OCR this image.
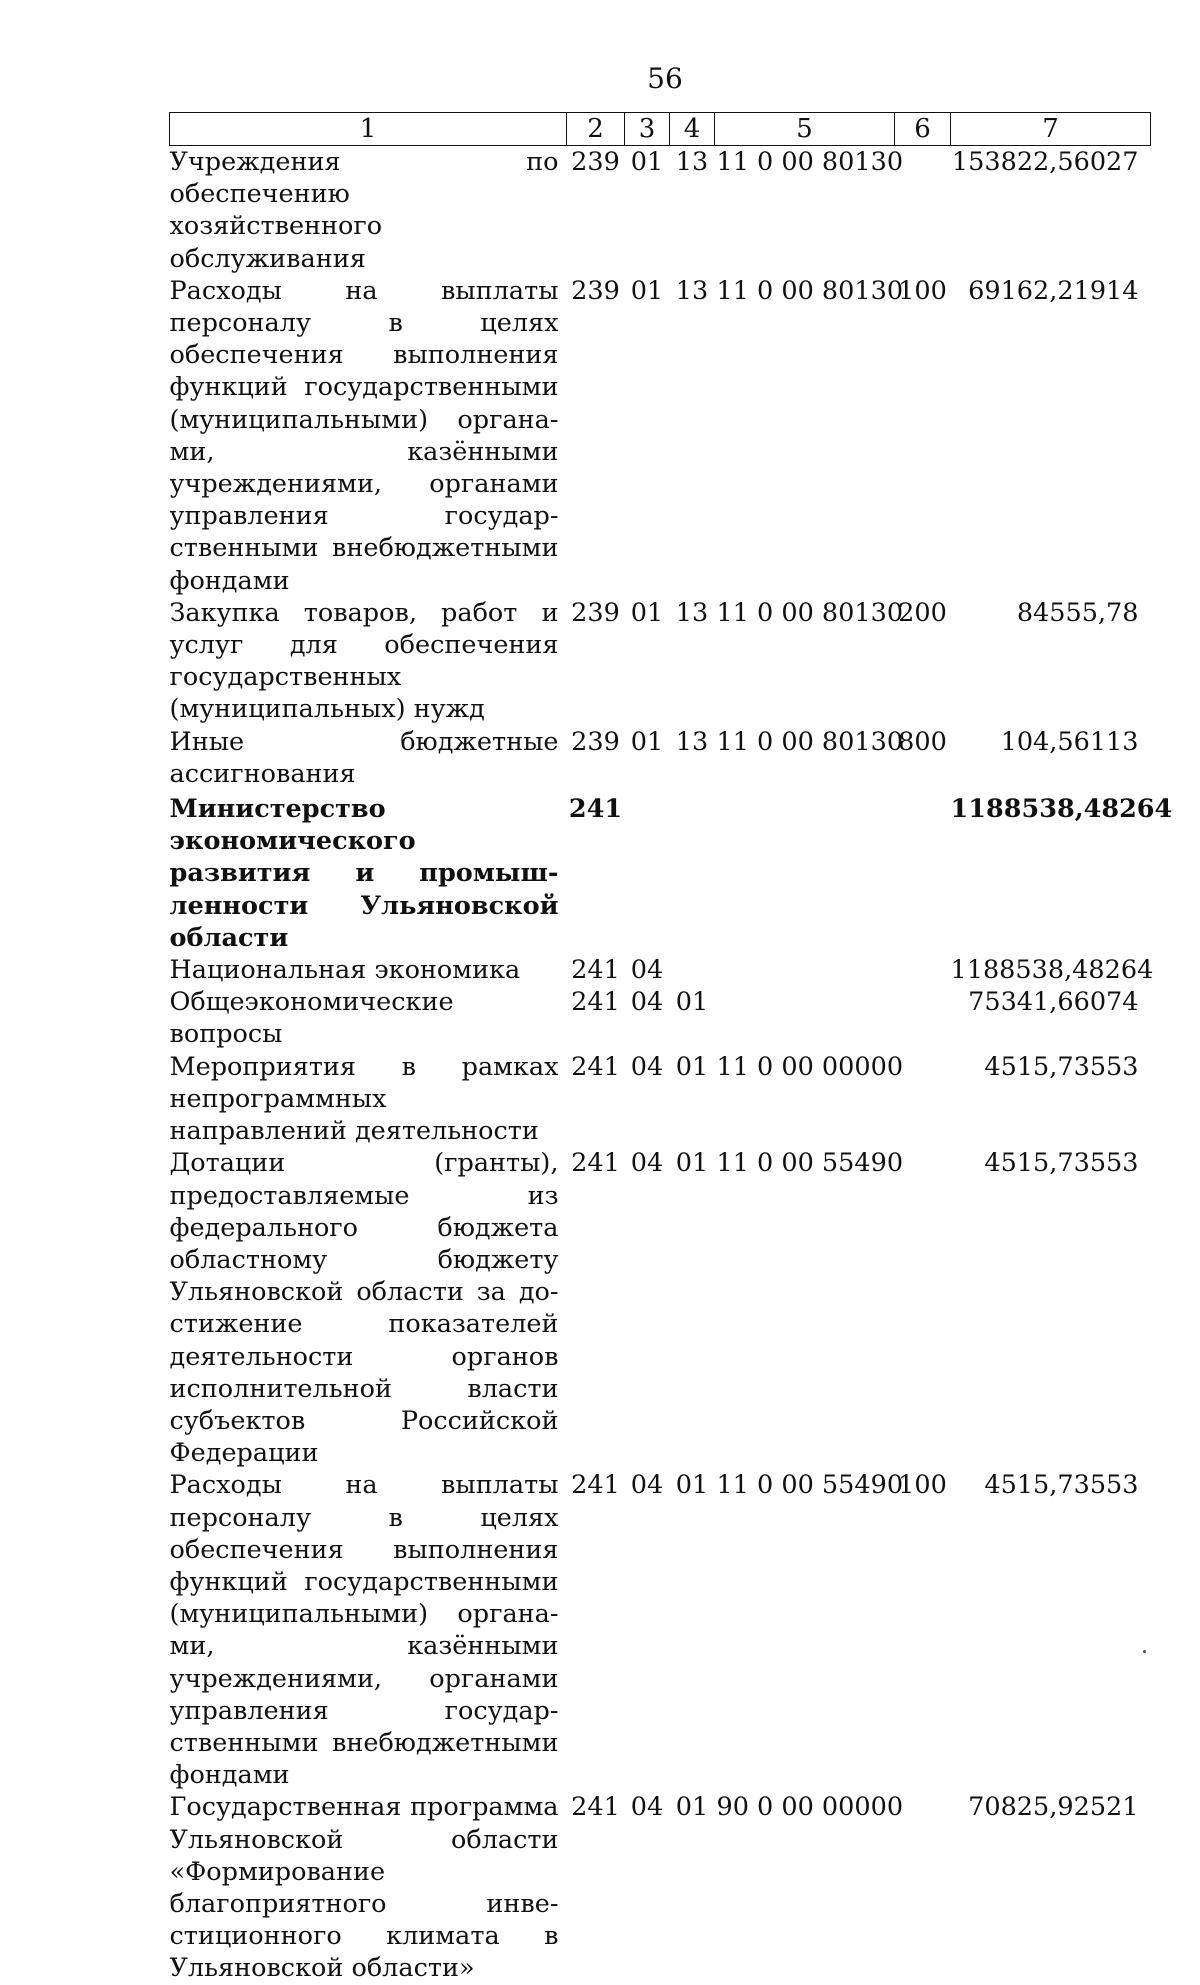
56
1	2	3	4	5	6	7
Учреждения по обеспечению хозяйственного обслуживания	239	01	13	11 0 00 80130		153822,56027
Расходы на выплаты персоналу в целях обеспечения выполнения функций государственными (муниципальными) органами, казёнными учреждениями, органами управления государственными внебюджетными фондами	239	01	13	11 0 00 80130	100	69162,21914
Закупка товаров, работ и услуг для обеспечения государственных (муниципальных) нужд	239	01	13	11 0 00 80130	200	84555,78
Иные бюджетные ассигнования	239	01	13	11 0 00 80130	800	104,56113
Министерство экономического развития и промышленности Ульяновской области	241					1188538,48264
Национальная экономика	241	04				1188538,48264
Общеэкономические вопросы	241	04	01			75341,66074
Мероприятия в рамках непрограммных направлений деятельности	241	04	01	11 0 00 00000		4515,73553
Дотации (гранты), предоставляемые из федерального бюджета областному бюджету Ульяновской области за достижение показателей деятельности органов исполнительной власти субъектов Российской Федерации	241	04	01	11 0 00 55490		4515,73553
Расходы на выплаты персоналу в целях обеспечения выполнения функций государственными (муниципальными) органами, казёнными учреждениями, органами управления государственными внебюджетными фондами	241	04	01	11 0 00 55490	100	4515,73553
Государственная программа Ульяновской области «Формирование благоприятного инвестиционного климата в Ульяновской области»	241	04	01	90 0 00 00000		70825,92521
